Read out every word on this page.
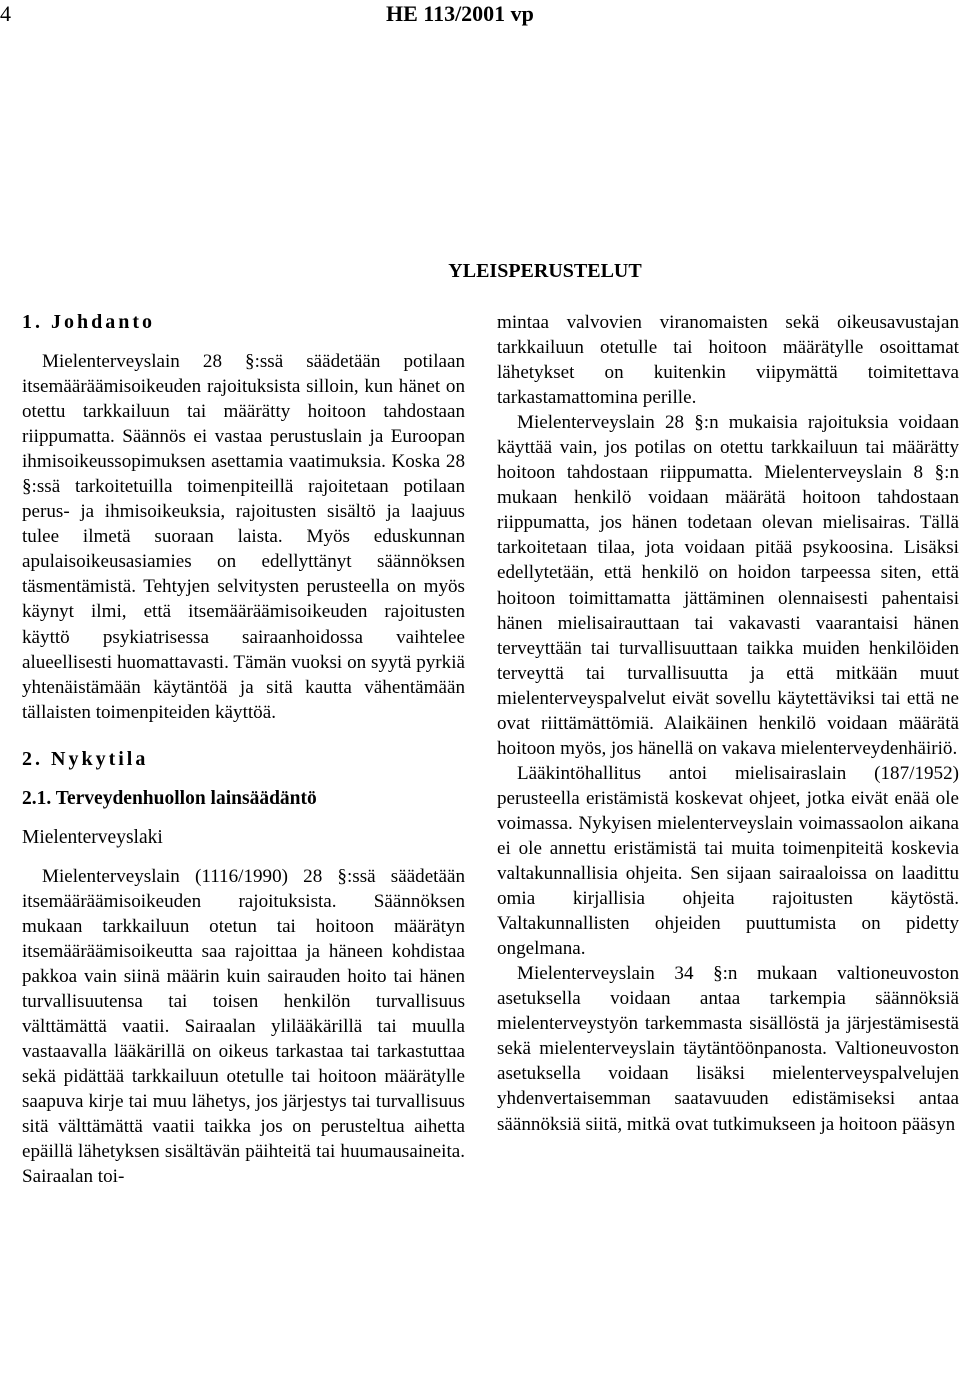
4	HE 113/2001 vp
YLEISPERUSTELUT

1. Johdanto

Mielenterveyslain 28 §:ssä säädetään potilaan itsemääräämisoikeuden rajoituksista silloin, kun hänet on otettu tarkkailuun tai määrätty hoitoon tahdostaan riippumatta. Säännös ei vastaa perustuslain ja Euroopan ihmisoikeussopimuksen asettamia vaatimuksia. Koska 28 §:ssä tarkoitetuilla toimenpiteillä rajoitetaan potilaan perus- ja ihmisoikeuksia, rajoitusten sisältö ja laajuus tulee ilmetä suoraan laista. Myös eduskunnan apulaisoikeusasiamies on edellyttänyt säännöksen täsmentämistä. Tehtyjen selvitysten perusteella on myös käynyt ilmi, että itsemääräämisoikeuden rajoitusten käyttö psykiatrisessa sairaanhoidossa vaihtelee alueellisesti huomattavasti. Tämän vuoksi on syytä pyrkiä yhtenäistämään käytäntöä ja sitä kautta vähentämään tällaisten toimenpiteiden käyttöä.

2. Nykytila

2.1. Terveydenhuollon lainsäädäntö

Mielenterveyslaki

Mielenterveyslain (1116/1990) 28 §:ssä säädetään itsemääräämisoikeuden rajoituksista. Säännöksen mukaan tarkkailuun otetun tai hoitoon määrätyn itsemääräämisoikeutta saa rajoittaa ja häneen kohdistaa pakkoa vain siinä määrin kuin sairauden hoito tai hänen turvallisuutensa tai toisen henkilön turvallisuus välttämättä vaatii. Sairaalan ylilääkärillä tai muulla vastaavalla lääkärillä on oikeus tarkastaa tai tarkastuttaa sekä pidättää tarkkailuun otetulle tai hoitoon määrätylle saapuva kirje tai muu lähetys, jos järjestys tai turvallisuus sitä välttämättä vaatii taikka jos on perusteltua aihetta epäillä lähetyksen sisältävän päihteitä tai huumausaineita. Sairaalan toi-

mintaa valvovien viranomaisten sekä oikeusavustajan tarkkailuun otetulle tai hoitoon määrätylle osoittamat lähetykset on kuitenkin viipymättä toimitettava tarkastamattomina perille.

Mielenterveyslain 28 §:n mukaisia rajoituksia voidaan käyttää vain, jos potilas on otettu tarkkailuun tai määrätty hoitoon tahdostaan riippumatta. Mielenterveyslain 8 §:n mukaan henkilö voidaan määrätä hoitoon tahdostaan riippumatta, jos hänen todetaan olevan mielisairas. Tällä tarkoitetaan tilaa, jota voidaan pitää psykoosina. Lisäksi edellytetään, että henkilö on hoidon tarpeessa siten, että hoitoon toimittamatta jättäminen olennaisesti pahentaisi hänen mielisairauttaan tai vakavasti vaarantaisi hänen terveyttään tai turvallisuuttaan taikka muiden henkilöiden terveyttä tai turvallisuutta ja että mitkään muut mielenterveyspalvelut eivät sovellu käytettäviksi tai että ne ovat riittämättömiä. Alaikäinen henkilö voidaan määrätä hoitoon myös, jos hänellä on vakava mielenterveydenhäiriö.

Lääkintöhallitus antoi mielisairaslain (187/1952) perusteella eristämistä koskevat ohjeet, jotka eivät enää ole voimassa. Nykyisen mielenterveyslain voimassaolon aikana ei ole annettu eristämistä tai muita toimenpiteitä koskevia valtakunnallisia ohjeita. Sen sijaan sairaaloissa on laadittu omia kirjallisia ohjeita rajoitusten käytöstä. Valtakunnallisten ohjeiden puuttumista on pidetty ongelmana.

Mielenterveyslain 34 §:n mukaan valtioneuvoston asetuksella voidaan antaa tarkempia säännöksiä mielenterveystyön tarkemmasta sisällöstä ja järjestämisestä sekä mielenterveyslain täytäntöönpanosta. Valtioneuvoston asetuksella voidaan lisäksi mielenterveyspalvelujen yhdenvertaisemman saatavuuden edistämiseksi antaa säännöksiä siitä, mitkä ovat tutkimukseen ja hoitoon pääsyn
